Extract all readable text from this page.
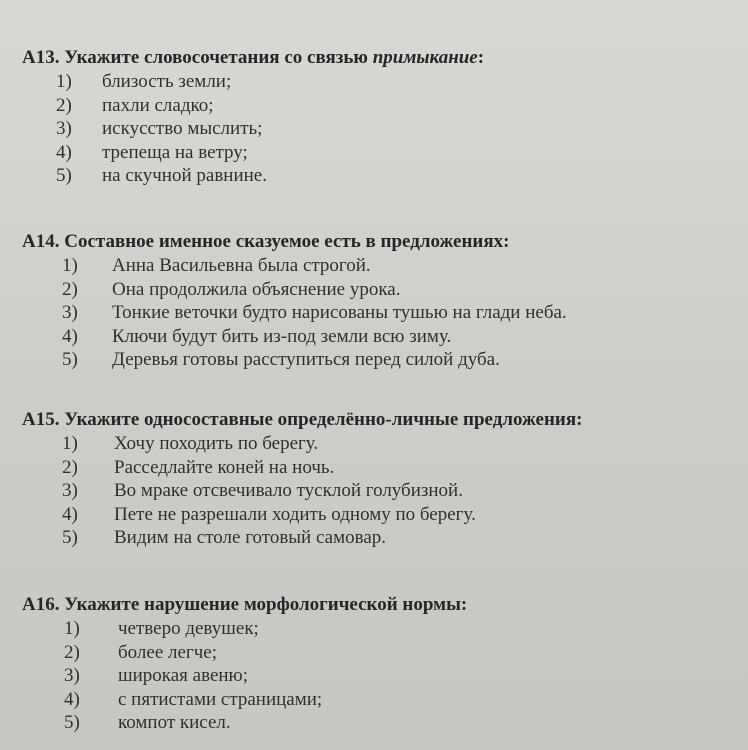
А13. Укажите словосочетания со связью примыкание:
1)	близость земли;
2)	пахли сладко;
3)	искусство мыслить;
4)	трепеща на ветру;
5)	на скучной равнине.
А14. Составное именное сказуемое есть в предложениях:
1)	Анна Васильевна была строгой.
2)	Она продолжила объяснение урока.
3)	Тонкие веточки будто нарисованы тушью на глади неба.
4)	Ключи будут бить из-под земли всю зиму.
5)	Деревья готовы расступиться перед силой дуба.
А15. Укажите односоставные определённо-личные предложения:
1)	Хочу походить по берегу.
2)	Расседлайте коней на ночь.
3)	Во мраке отсвечивало тусклой голубизной.
4)	Пете не разрешали ходить одному по берегу.
5)	Видим на столе готовый самовар.
А16. Укажите нарушение морфологической нормы:
1)	четверо девушек;
2)	более легче;
3)	широкая авеню;
4)	с пятистами страницами;
5)	компот кисел.
